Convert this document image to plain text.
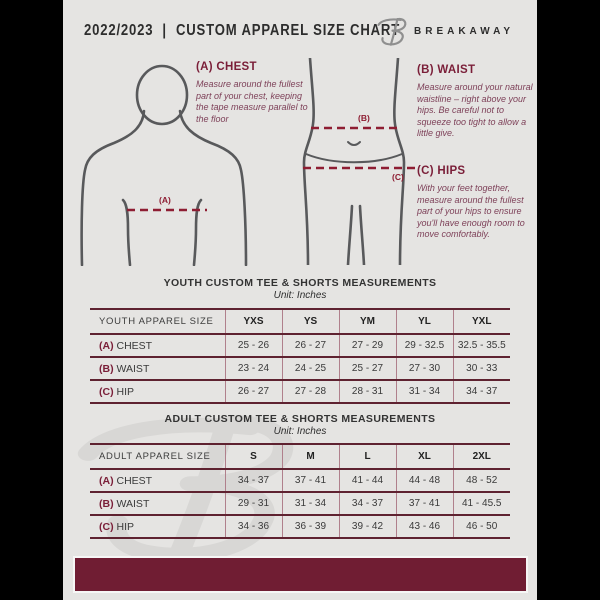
2022/2023 | CUSTOM APPAREL SIZE CHART BREAKAWAY
(A)
(B)
(C)
(A) CHEST
Measure around the fullest part of your chest, keeping the tape measure parallel to the floor
(B) WAIST
Measure around your natural waistline – right above your hips. Be careful not to squeeze too tight to allow a little give.
(C) HIPS
With your feet together, measure around the fullest part of your hips to ensure you'll have enough room to move comfortably.
YOUTH CUSTOM TEE & SHORTS MEASUREMENTS
Unit: Inches
YOUTH APPAREL SIZE	YXS	YS	YM	YL	YXL
(A) CHEST	25 - 26	26 - 27	27 - 29	29 - 32.5	32.5 - 35.5
(B) WAIST	23 - 24	24 - 25	25 - 27	27 - 30	30 - 33
(C) HIP	26 - 27	27 - 28	28 - 31	31 - 34	34 - 37
ADULT CUSTOM TEE & SHORTS MEASUREMENTS
Unit: Inches
ADULT APPAREL SIZE	S	M	L	XL	2XL
(A) CHEST	34 - 37	37 - 41	41 - 44	44 - 48	48 - 52
(B) WAIST	29 - 31	31 - 34	34 - 37	37 - 41	41 - 45.5
(C) HIP	34 - 36	36 - 39	39 - 42	43 - 46	46 - 50
